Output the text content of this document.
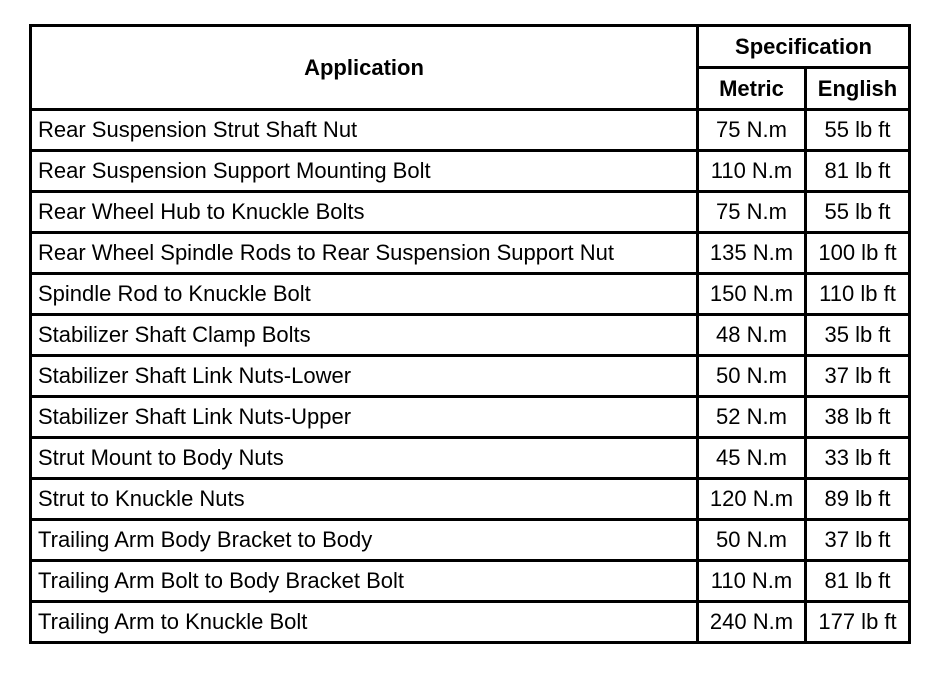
Application	Specification	
	Metric	English
Rear Suspension Strut Shaft Nut	75 N.m	55 lb ft
Rear Suspension Support Mounting Bolt	110 N.m	81 lb ft
Rear Wheel Hub to Knuckle Bolts	75 N.m	55 lb ft
Rear Wheel Spindle Rods to Rear Suspension Support Nut	135 N.m	100 lb ft
Spindle Rod to Knuckle Bolt	150 N.m	110 lb ft
Stabilizer Shaft Clamp Bolts	48 N.m	35 lb ft
Stabilizer Shaft Link Nuts-Lower	50 N.m	37 lb ft
Stabilizer Shaft Link Nuts-Upper	52 N.m	38 lb ft
Strut Mount to Body Nuts	45 N.m	33 lb ft
Strut to Knuckle Nuts	120 N.m	89 lb ft
Trailing Arm Body Bracket to Body	50 N.m	37 lb ft
Trailing Arm Bolt to Body Bracket Bolt	110 N.m	81 lb ft
Trailing Arm to Knuckle Bolt	240 N.m	177 lb ft
